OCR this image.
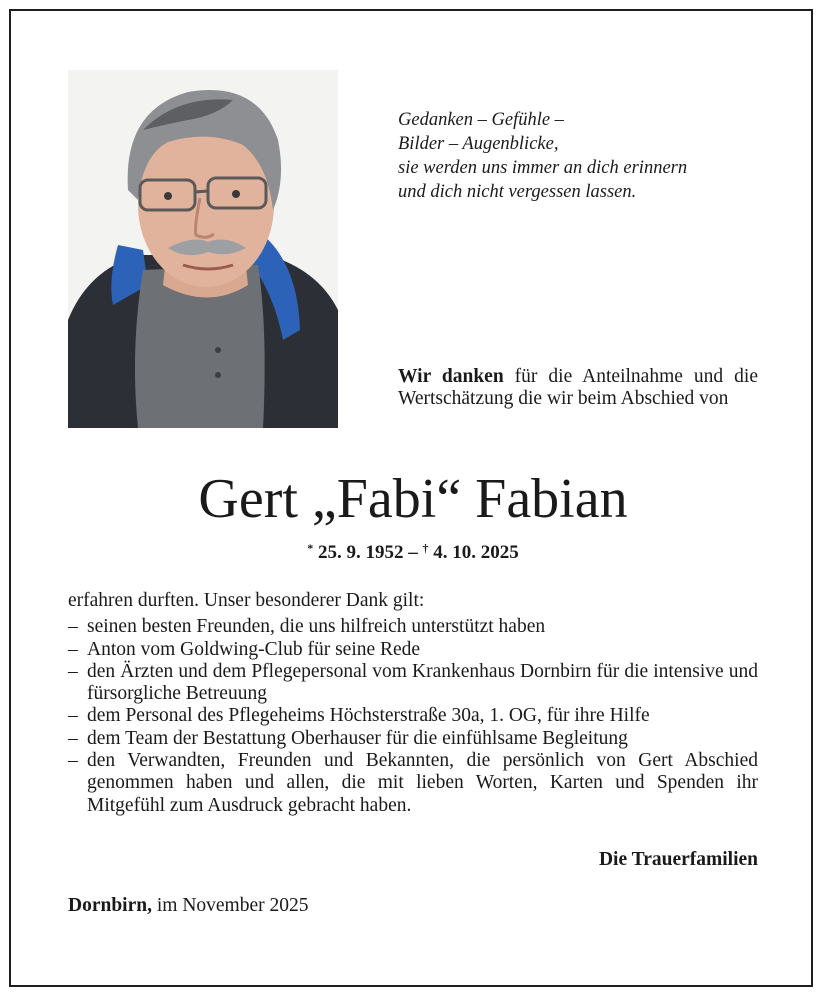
Gedanken – Gefühle –
Bilder – Augenblicke,
sie werden uns immer an dich erinnern
und dich nicht vergessen lassen.
Wir danken für die Anteilnahme und die Wertschätzung die wir beim Abschied von
Gert „Fabi“ Fabian
* 25. 9. 1952 – † 4. 10. 2025
erfahren durften. Unser besonderer Dank gilt:
– seinen besten Freunden, die uns hilfreich unterstützt haben
– Anton vom Goldwing-Club für seine Rede
– den Ärzten und dem Pflegepersonal vom Krankenhaus Dornbirn für die intensive und fürsorgliche Betreuung
– dem Personal des Pflegeheims Höchsterstraße 30a, 1. OG, für ihre Hilfe
– dem Team der Bestattung Oberhauser für die einfühlsame Begleitung
– den Verwandten, Freunden und Bekannten, die persönlich von Gert Abschied genommen haben und allen, die mit lieben Worten, Karten und Spenden ihr Mitgefühl zum Ausdruck gebracht haben.
Die Trauerfamilien
Dornbirn, im November 2025
